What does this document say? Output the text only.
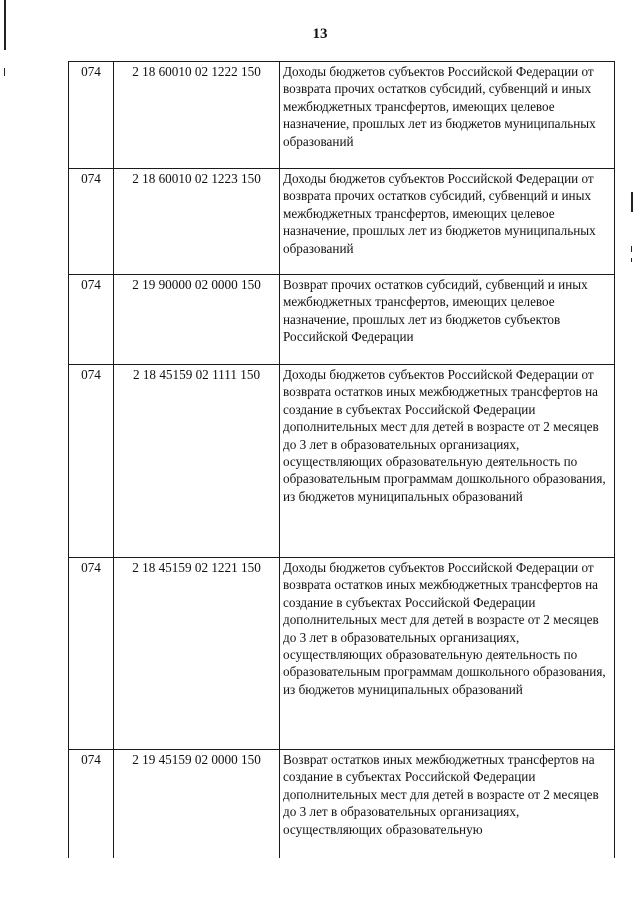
13
074	2 18 60010 02 1222 150	Доходы бюджетов субъектов Российской Федерации от возврата прочих остатков субсидий, субвенций и иных межбюджетных трансфертов, имеющих целевое назначение, прошлых лет из бюджетов муниципальных образований
074	2 18 60010 02 1223 150	Доходы бюджетов субъектов Российской Федерации от возврата прочих остатков субсидий, субвенций и иных межбюджетных трансфертов, имеющих целевое назначение, прошлых лет из бюджетов муниципальных образований
074	2 19 90000 02 0000 150	Возврат прочих остатков субсидий, субвенций и иных межбюджетных трансфертов, имеющих целевое назначение, прошлых лет из бюджетов субъектов Российской Федерации
074	2 18 45159 02 1111 150	Доходы бюджетов субъектов Российской Федерации от возврата остатков иных межбюджетных трансфертов на создание в субъектах Российской Федерации дополнительных мест для детей в возрасте от 2 месяцев до 3 лет в образовательных организациях, осуществляющих образовательную деятельность по образовательным программам дошкольного образования, из бюджетов муниципальных образований
074	2 18 45159 02 1221 150	Доходы бюджетов субъектов Российской Федерации от возврата остатков иных межбюджетных трансфертов на создание в субъектах Российской Федерации дополнительных мест для детей в возрасте от 2 месяцев до 3 лет в образовательных организациях, осуществляющих образовательную деятельность по образовательным программам дошкольного образования, из бюджетов муниципальных образований
074	2 19 45159 02 0000 150	Возврат остатков иных межбюджетных трансфертов на создание в субъектах Российской Федерации дополнительных мест для детей в возрасте от 2 месяцев до 3 лет в образовательных организациях, осуществляющих образовательную
